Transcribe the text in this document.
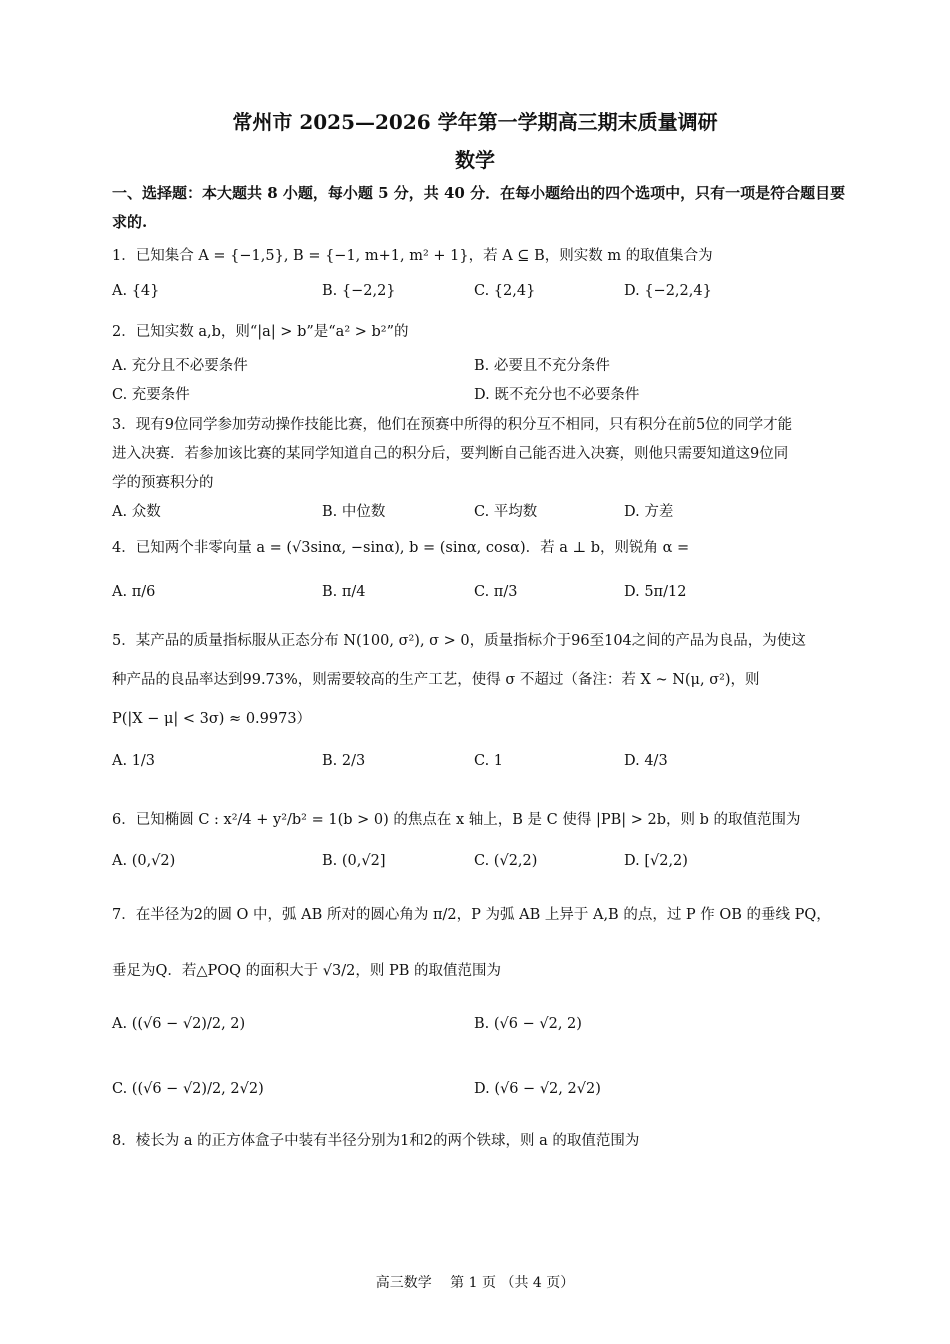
常州市 2025—2026 学年第一学期高三期末质量调研
数学
一、选择题：本大题共 8 小题，每小题 5 分，共 40 分．在每小题给出的四个选项中，只有一项是符合题目要
求的.
1．已知集合 A = {−1,5}, B = {−1, m+1, m² + 1}，若 A ⊆ B，则实数 m 的取值集合为
A. {4}	B. {−2,2}	C. {2,4}	D. {−2,2,4}
2．已知实数 a,b，则“|a| > b”是“a² > b²”的
A. 充分且不必要条件	B. 必要且不充分条件
C. 充要条件	D. 既不充分也不必要条件
3．现有9位同学参加劳动操作技能比赛，他们在预赛中所得的积分互不相同，只有积分在前5位的同学才能
进入决赛．若参加该比赛的某同学知道自己的积分后，要判断自己能否进入决赛，则他只需要知道这9位同
学的预赛积分的
A. 众数	B. 中位数	C. 平均数	D. 方差
4．已知两个非零向量 a = (√3sinα, −sinα), b = (sinα, cosα)．若 a ⊥ b，则锐角 α =
A. π/6	B. π/4	C. π/3	D. 5π/12
5．某产品的质量指标服从正态分布 N(100, σ²), σ > 0，质量指标介于96至104之间的产品为良品，为使这
种产品的良品率达到99.73%，则需要较高的生产工艺，使得 σ 不超过（备注：若 X ~ N(μ, σ²)，则
P(|X − μ| < 3σ) ≈ 0.9973）
A. 1/3	B. 2/3	C. 1	D. 4/3
6．已知椭圆 C : x²/4 + y²/b² = 1(b > 0) 的焦点在 x 轴上，B 是 C 使得 |PB| > 2b，则 b 的取值范围为
A. (0,√2)	B. (0,√2]	C. (√2,2)	D. [√2,2)
7．在半径为2的圆 O 中，弧 AB 所对的圆心角为 π/2，P 为弧 AB 上异于 A,B 的点，过 P 作 OB 的垂线 PQ，
垂足为Q．若△POQ 的面积大于 √3/2，则 PB 的取值范围为
A. ((√6 − √2)/2, 2)	B. (√6 − √2, 2)
C. ((√6 − √2)/2, 2√2)	D. (√6 − √2, 2√2)
8．棱长为 a 的正方体盒子中装有半径分别为1和2的两个铁球，则 a 的取值范围为
高三数学　 第 1 页 （共 4 页）
